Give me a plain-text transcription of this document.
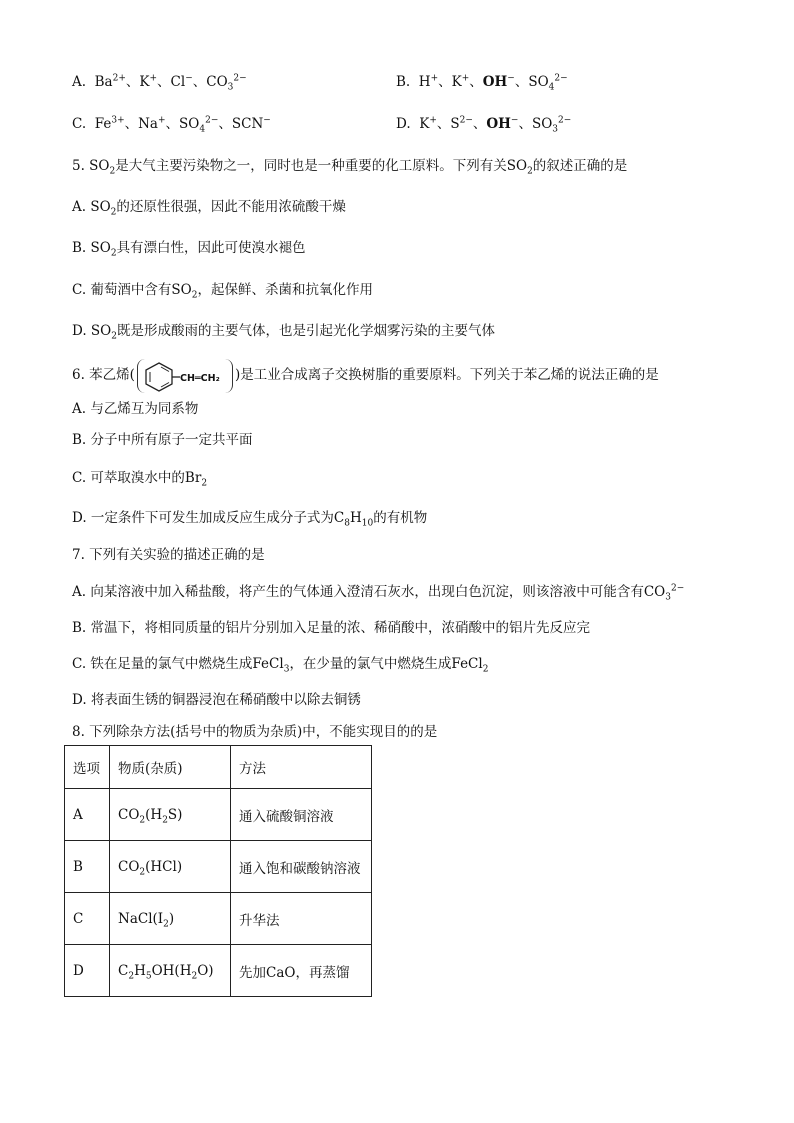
A.  $Ba^{2+}$、K+、Cl−、$CO_3^{2-}$	B.  H+、K+、OH−、$SO_4^{2-}$
C.  $Fe^{3+}$、Na+、$SO_4^{2-}$、SCN−	D.  K+、$S^{2-}$、OH−、$SO_3^{2-}$
5. $SO_2$是大气主要污染物之一，同时也是一种重要的化工原料。下列有关$SO_2$的叙述正确的是
A. $SO_2$的还原性很强，因此不能用浓硫酸干燥
B. $SO_2$具有漂白性，因此可使溴水褪色
C. 葡萄酒中含有$SO_2$，起保鲜、杀菌和抗氧化作用
D. $SO_2$既是形成酸雨的主要气体，也是引起光化学烟雾污染的主要气体
6. 苯乙烯(	CH═CH₂ )是工业合成离子交换树脂的重要原料。下列关于苯乙烯的说法正确的是
A. 与乙烯互为同系物
B. 分子中所有原子一定共平面
C. 可萃取溴水中的$Br_2$
D. 一定条件下可发生加成反应生成分子式为$C_8H_{10}$的有机物
7. 下列有关实验的描述正确的是
A. 向某溶液中加入稀盐酸，将产生的气体通入澄清石灰水，出现白色沉淀，则该溶液中可能含有$CO_3^{2-}$
B. 常温下，将相同质量的铝片分别加入足量的浓、稀硝酸中，浓硝酸中的铝片先反应完
C. 铁在足量的氯气中燃烧生成FeCl$_3$，在少量的氯气中燃烧生成FeCl$_2$
D. 将表面生锈的铜器浸泡在稀硝酸中以除去铜锈
8. 下列除杂方法(括号中的物质为杂质)中，不能实现目的的是
选项	物质(杂质)	方法
A	$CO_2(H_2S)$	通入硫酸铜溶液
B	$CO_2(HCl)$	通入饱和碳酸钠溶液
C	$NaCl(I_2)$	升华法
D	$C_2H_5OH(H_2O)$	先加CaO，再蒸馏
